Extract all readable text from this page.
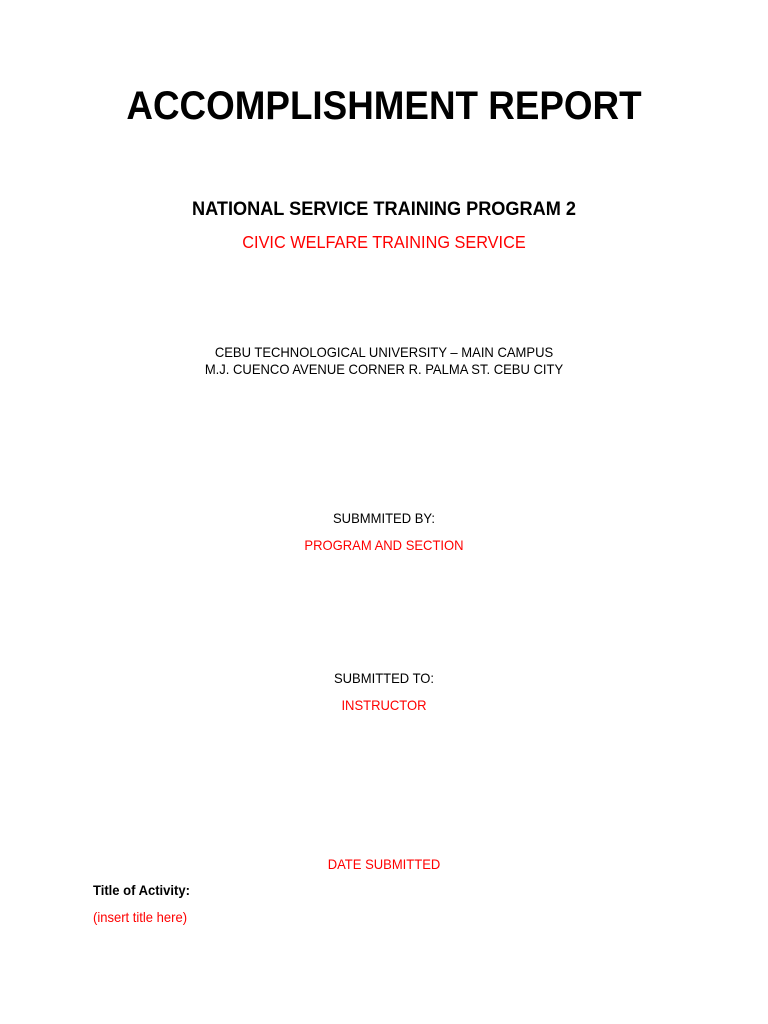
ACCOMPLISHMENT REPORT
NATIONAL SERVICE TRAINING PROGRAM 2
CIVIC WELFARE TRAINING SERVICE
CEBU TECHNOLOGICAL UNIVERSITY – MAIN CAMPUS
M.J. CUENCO AVENUE CORNER R. PALMA ST. CEBU CITY
SUBMMITED BY:
PROGRAM AND SECTION
SUBMITTED TO:
INSTRUCTOR
DATE SUBMITTED
Title of Activity:
(insert title here)
